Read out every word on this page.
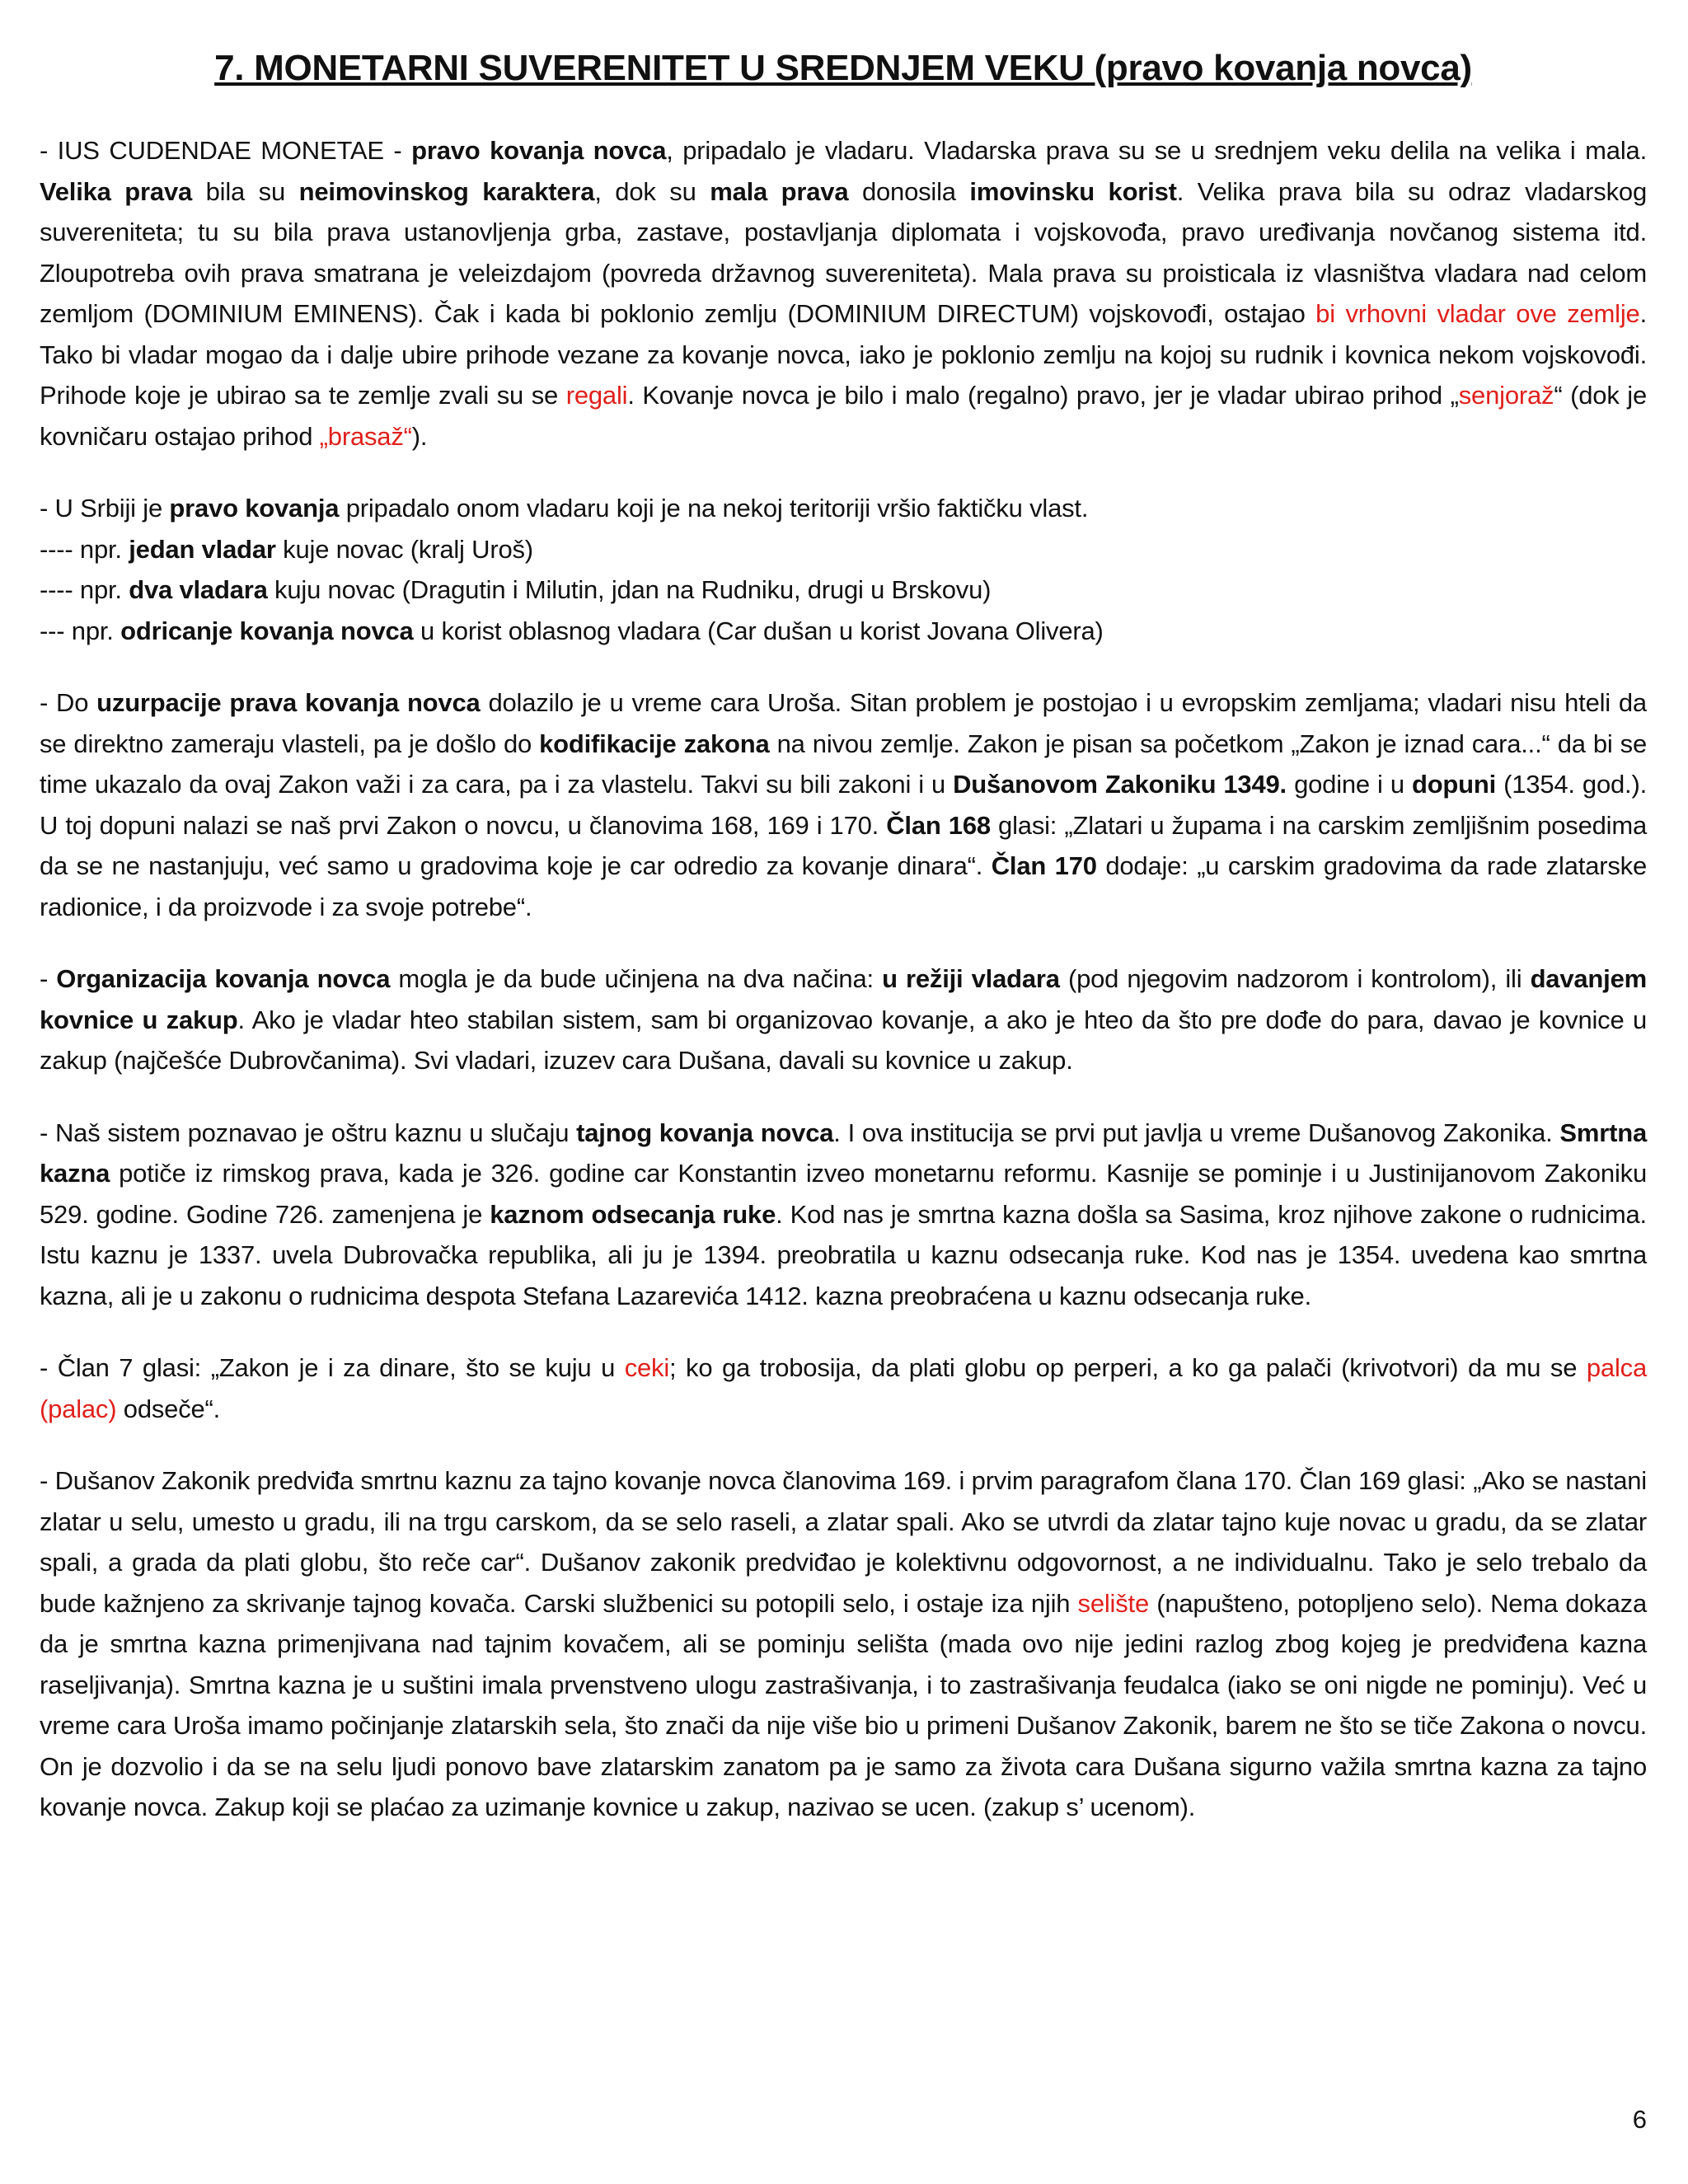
7. MONETARNI SUVERENITET U SREDNJEM VEKU (pravo kovanja novca)

- IUS CUDENDAE MONETAE - pravo kovanja novca, pripadalo je vladaru. Vladarska prava su se u srednjem veku delila na velika i mala. Velika prava bila su neimovinskog karaktera, dok su mala prava donosila imovinsku korist. Velika prava bila su odraz vladarskog suvereniteta; tu su bila prava ustanovljenja grba, zastave, postavljanja diplomata i vojskovođa, pravo uređivanja novčanog sistema itd. Zloupotreba ovih prava smatrana je veleizdajom (povreda državnog suvereniteta). Mala prava su proisticala iz vlasništva vladara nad celom zemljom (DOMINIUM EMINENS). Čak i kada bi poklonio zemlju (DOMINIUM DIRECTUM) vojskovođi, ostajao bi vrhovni vladar ove zemlje. Tako bi vladar mogao da i dalje ubire prihode vezane za kovanje novca, iako je poklonio zemlju na kojoj su rudnik i kovnica nekom vojskovođi. Prihode koje je ubirao sa te zemlje zvali su se regali. Kovanje novca je bilo i malo (regalno) pravo, jer je vladar ubirao prihod „senjoraž“ (dok je kovničaru ostajao prihod „brasaž“).

- U Srbiji je pravo kovanja pripadalo onom vladaru koji je na nekoj teritoriji vršio faktičku vlast.
---- npr. jedan vladar kuje novac (kralj Uroš)
---- npr. dva vladara kuju novac (Dragutin i Milutin, jdan na Rudniku, drugi u Brskovu)
--- npr. odricanje kovanja novca u korist oblasnog vladara (Car dušan u korist Jovana Olivera)

- Do uzurpacije prava kovanja novca dolazilo je u vreme cara Uroša. Sitan problem je postojao i u evropskim zemljama; vladari nisu hteli da se direktno zameraju vlasteli, pa je došlo do kodifikacije zakona na nivou zemlje. Zakon je pisan sa početkom „Zakon je iznad cara...“ da bi se time ukazalo da ovaj Zakon važi i za cara, pa i za vlastelu. Takvi su bili zakoni i u Dušanovom Zakoniku 1349. godine i u dopuni (1354. god.). U toj dopuni nalazi se naš prvi Zakon o novcu, u članovima 168, 169 i 170. Član 168 glasi: „Zlatari u župama i na carskim zemljišnim posedima da se ne nastanjuju, već samo u gradovima koje je car odredio za kovanje dinara“. Član 170 dodaje: „u carskim gradovima da rade zlatarske radionice, i da proizvode i za svoje potrebe“.

- Organizacija kovanja novca mogla je da bude učinjena na dva načina: u režiji vladara (pod njegovim nadzorom i kontrolom), ili davanjem kovnice u zakup. Ako je vladar hteo stabilan sistem, sam bi organizovao kovanje, a ako je hteo da što pre dođe do para, davao je kovnice u zakup (najčešće Dubrovčanima). Svi vladari, izuzev cara Dušana, davali su kovnice u zakup.

- Naš sistem poznavao je oštru kaznu u slučaju tajnog kovanja novca. I ova institucija se prvi put javlja u vreme Dušanovog Zakonika. Smrtna kazna potiče iz rimskog prava, kada je 326. godine car Konstantin izveo monetarnu reformu. Kasnije se pominje i u Justinijanovom Zakoniku 529. godine. Godine 726. zamenjena je kaznom odsecanja ruke. Kod nas je smrtna kazna došla sa Sasima, kroz njihove zakone o rudnicima. Istu kaznu je 1337. uvela Dubrovačka republika, ali ju je 1394. preobratila u kaznu odsecanja ruke. Kod nas je 1354. uvedena kao smrtna kazna, ali je u zakonu o rudnicima despota Stefana Lazarevića 1412. kazna preobraćena u kaznu odsecanja ruke.

- Član 7 glasi: „Zakon je i za dinare, što se kuju u ceki; ko ga trobosija, da plati globu op perperi, a ko ga palači (krivotvori) da mu se palca (palac) odseče“.

- Dušanov Zakonik predviđa smrtnu kaznu za tajno kovanje novca članovima 169. i prvim paragrafom člana 170. Član 169 glasi: „Ako se nastani zlatar u selu, umesto u gradu, ili na trgu carskom, da se selo raseli, a zlatar spali. Ako se utvrdi da zlatar tajno kuje novac u gradu, da se zlatar spali, a grada da plati globu, što reče car“. Dušanov zakonik predviđao je kolektivnu odgovornost, a ne individualnu. Tako je selo trebalo da bude kažnjeno za skrivanje tajnog kovača. Carski službenici su potopili selo, i ostaje iza njih selište (napušteno, potopljeno selo). Nema dokaza da je smrtna kazna primenjivana nad tajnim kovačem, ali se pominju selišta (mada ovo nije jedini razlog zbog kojeg je predviđena kazna raseljivanja). Smrtna kazna je u suštini imala prvenstveno ulogu zastrašivanja, i to zastrašivanja feudalca (iako se oni nigde ne pominju). Već u vreme cara Uroša imamo počinjanje zlatarskih sela, što znači da nije više bio u primeni Dušanov Zakonik, barem ne što se tiče Zakona o novcu. On je dozvolio i da se na selu ljudi ponovo bave zlatarskim zanatom pa je samo za života cara Dušana sigurno važila smrtna kazna za tajno kovanje novca. Zakup koji se plaćao za uzimanje kovnice u zakup, nazivao se ucen. (zakup s’ ucenom).

6
